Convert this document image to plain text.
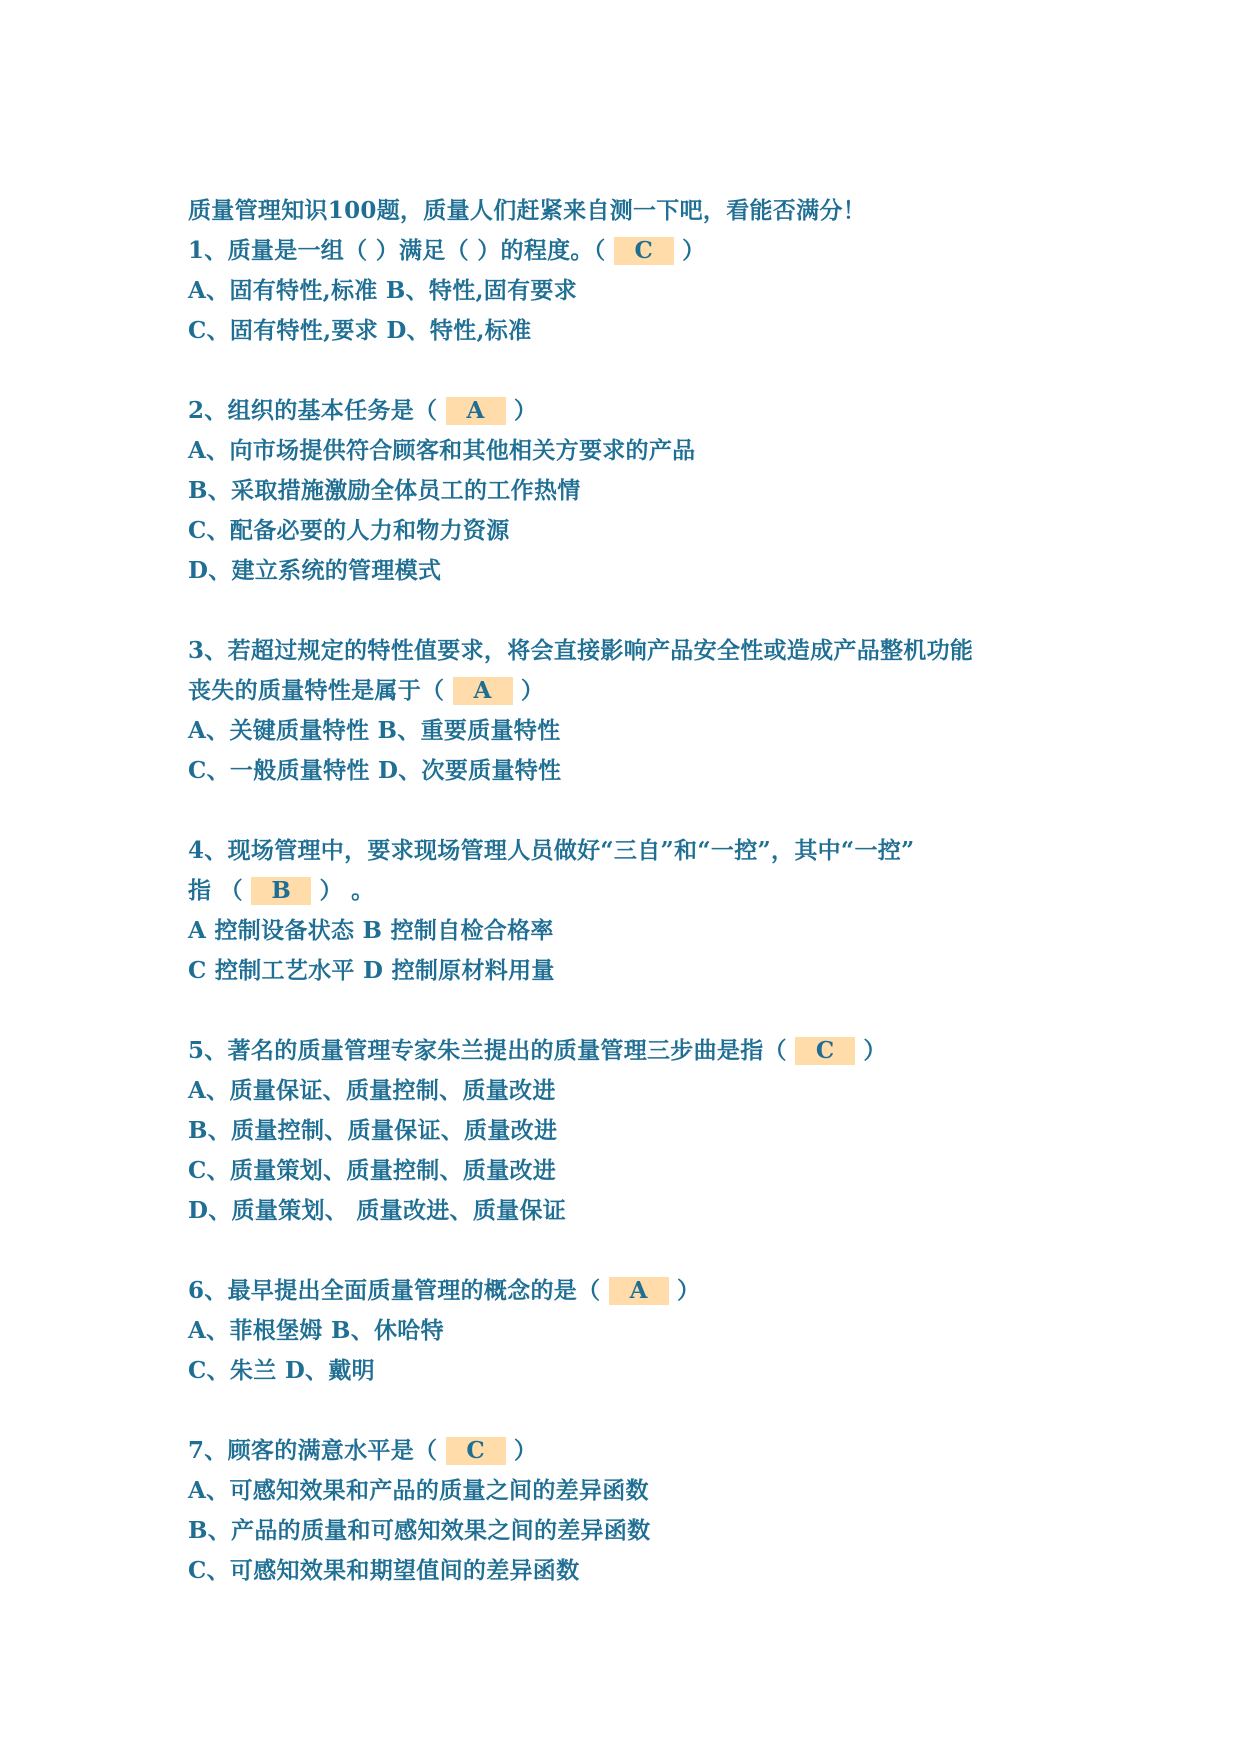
质量管理知识100题，质量人们赶紧来自测一下吧，看能否满分！
1、质量是一组（ ）满足（ ）的程度。（ C ）
A、固有特性,标准 B、特性,固有要求
C、固有特性,要求 D、特性,标准
2、组织的基本任务是（ A ）
A、向市场提供符合顾客和其他相关方要求的产品
B、采取措施激励全体员工的工作热情
C、配备必要的人力和物力资源
D、建立系统的管理模式
3、若超过规定的特性值要求，将会直接影响产品安全性或造成产品整机功能
丧失的质量特性是属于（ A ）
A、关键质量特性 B、重要质量特性
C、一般质量特性 D、次要质量特性
4、现场管理中，要求现场管理人员做好“三自”和“一控”，其中“一控”
指 （ B ） 。
A 控制设备状态 B 控制自检合格率
C 控制工艺水平 D 控制原材料用量
5、著名的质量管理专家朱兰提出的质量管理三步曲是指（ C ）
A、质量保证、质量控制、质量改进
B、质量控制、质量保证、质量改进
C、质量策划、质量控制、质量改进
D、质量策划、 质量改进、质量保证
6、最早提出全面质量管理的概念的是（ A ）
A、菲根堡姆 B、休哈特
C、朱兰 D、戴明
7、顾客的满意水平是（ C ）
A、可感知效果和产品的质量之间的差异函数
B、产品的质量和可感知效果之间的差异函数
C、可感知效果和期望值间的差异函数
